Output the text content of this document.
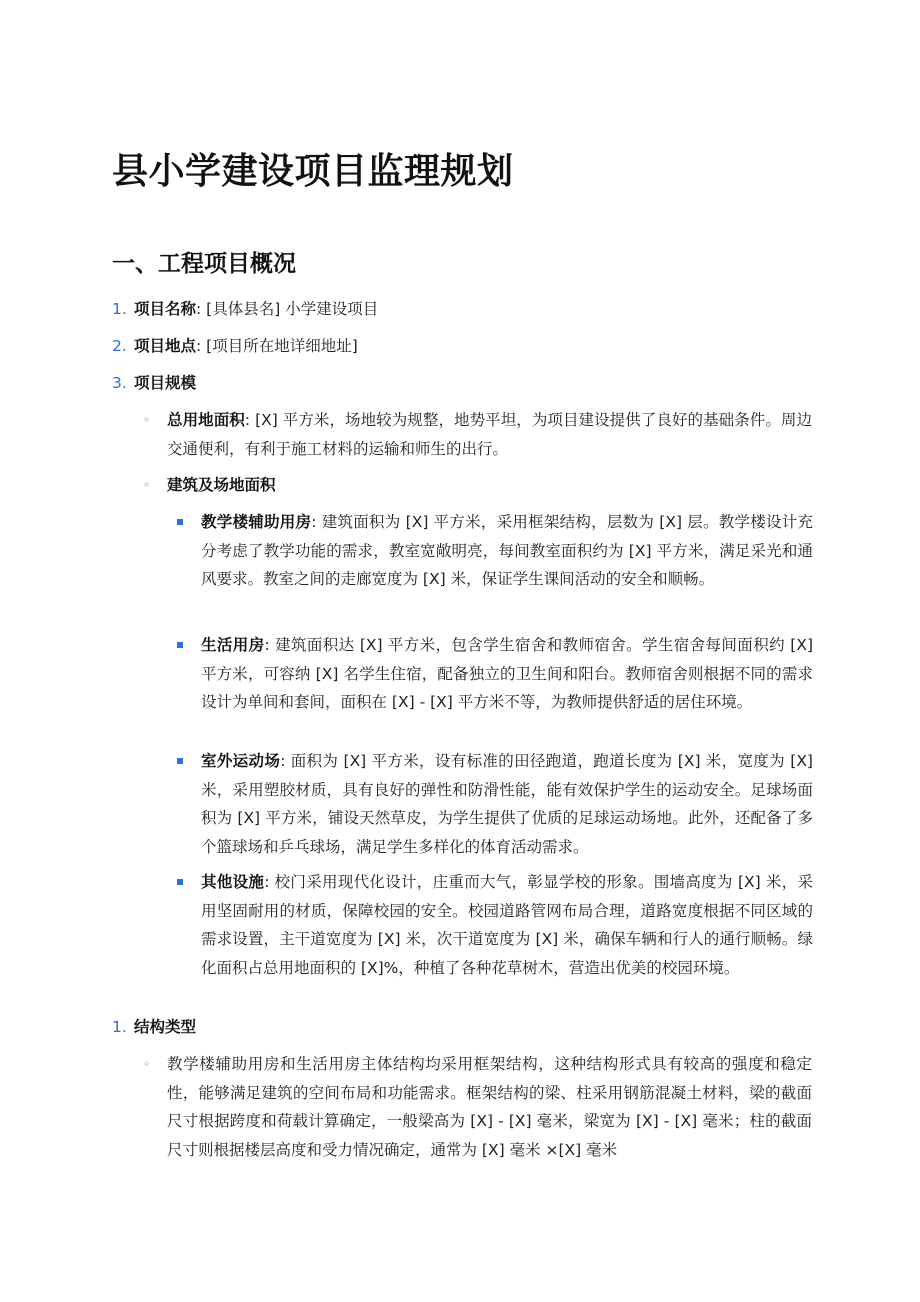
县小学建设项目监理规划
一、工程项目概况
1. 项目名称: [具体县名] 小学建设项目
2. 项目地点: [项目所在地详细地址]
3. 项目规模
◦ 总用地面积: [X] 平方米，场地较为规整，地势平坦，为项目建设提供了良好的基础条件。周边交通便利，有利于施工材料的运输和师生的出行。

◦ 建筑及场地面积

教学楼辅助用房: 建筑面积为 [X] 平方米，采用框架结构，层数为 [X] 层。教学楼设计充分考虑了教学功能的需求，教室宽敞明亮，每间教室面积约为 [X] 平方米，满足采光和通风要求。教室之间的走廊宽度为 [X] 米，保证学生课间活动的安全和顺畅。

生活用房: 建筑面积达 [X] 平方米，包含学生宿舍和教师宿舍。学生宿舍每间面积约 [X] 平方米，可容纳 [X] 名学生住宿，配备独立的卫生间和阳台。教师宿舍则根据不同的需求设计为单间和套间，面积在 [X] - [X] 平方米不等，为教师提供舒适的居住环境。

室外运动场: 面积为 [X] 平方米，设有标准的田径跑道，跑道长度为 [X] 米，宽度为 [X] 米，采用塑胶材质，具有良好的弹性和防滑性能，能有效保护学生的运动安全。足球场面积为 [X] 平方米，铺设天然草皮，为学生提供了优质的足球运动场地。此外，还配备了多个篮球场和乒乓球场，满足学生多样化的体育活动需求。

其他设施: 校门采用现代化设计，庄重而大气，彰显学校的形象。围墙高度为 [X] 米，采用坚固耐用的材质，保障校园的安全。校园道路管网布局合理，道路宽度根据不同区域的需求设置，主干道宽度为 [X] 米，次干道宽度为 [X] 米，确保车辆和行人的通行顺畅。绿化面积占总用地面积的 [X]%，种植了各种花草树木，营造出优美的校园环境。

1. 结构类型
◦ 教学楼辅助用房和生活用房主体结构均采用框架结构，这种结构形式具有较高的强度和稳定性，能够满足建筑的空间布局和功能需求。框架结构的梁、柱采用钢筋混凝土材料，梁的截面尺寸根据跨度和荷载计算确定，一般梁高为 [X] - [X] 毫米，梁宽为 [X] - [X] 毫米；柱的截面尺寸则根据楼层高度和受力情况确定，通常为 [X] 毫米 ×[X] 毫米
